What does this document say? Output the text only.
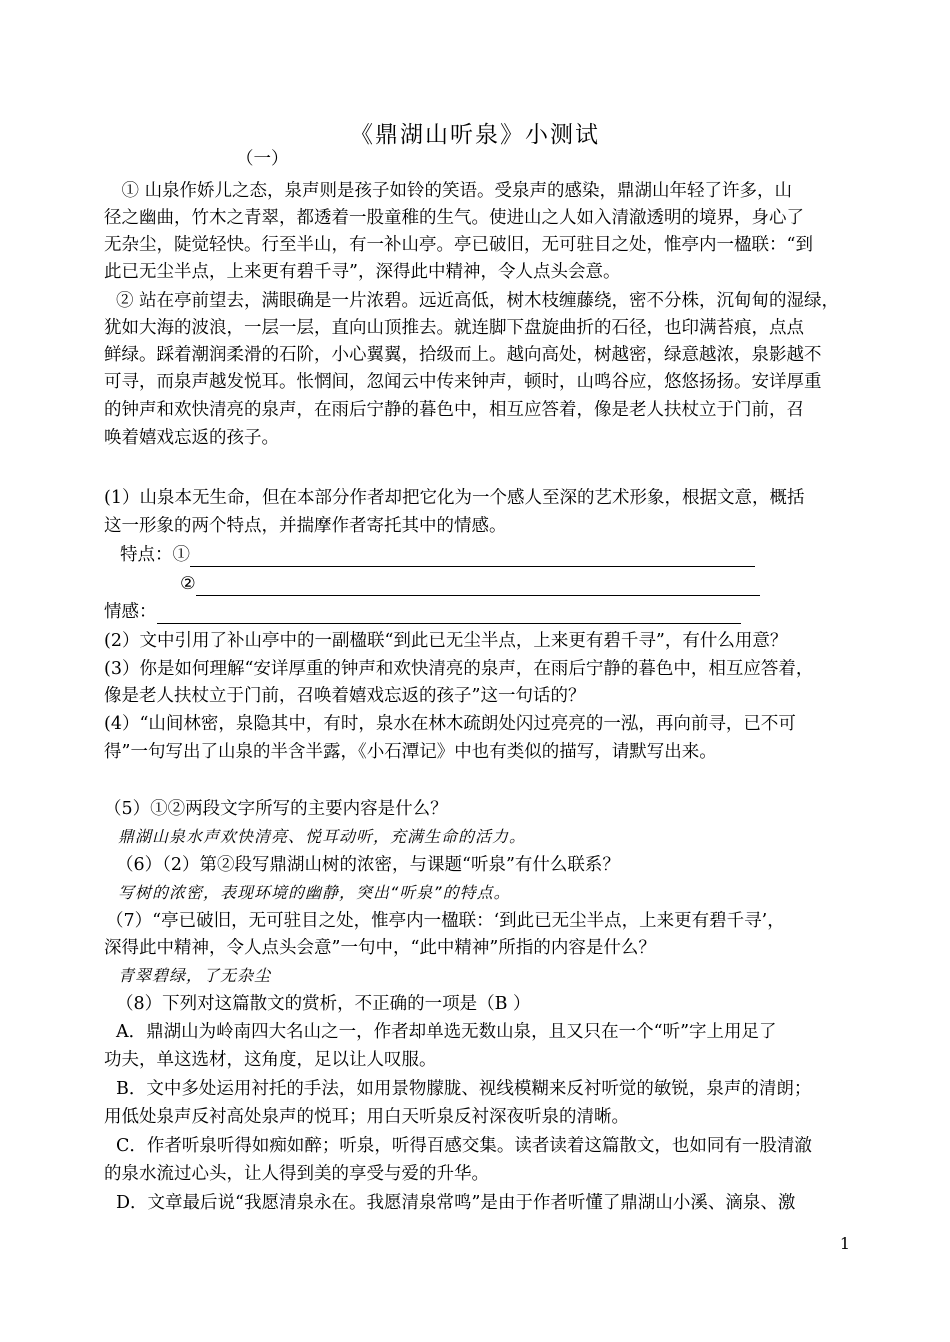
《鼎湖山听泉》小测试
（一）
　① 山泉作娇儿之态，泉声则是孩子如铃的笑语。受泉声的感染，鼎湖山年轻了许多，山
径之幽曲，竹木之青翠，都透着一股童稚的生气。使进山之人如入清澈透明的境界，身心了
无杂尘，陡觉轻快。行至半山，有一补山亭。亭已破旧，无可驻目之处，惟亭内一楹联：“到
此已无尘半点，上来更有碧千寻”，深得此中精神，令人点头会意。
② 站在亭前望去，满眼确是一片浓碧。远近高低，树木枝缠藤绕，密不分株，沉甸甸的湿绿，
犹如大海的波浪，一层一层，直向山顶推去。就连脚下盘旋曲折的石径，也印满苔痕，点点
鲜绿。踩着潮润柔滑的石阶，小心翼翼，拾级而上。越向高处，树越密，绿意越浓，泉影越不
可寻，而泉声越发悦耳。怅惘间，忽闻云中传来钟声，顿时，山鸣谷应，悠悠扬扬。安详厚重
的钟声和欢快清亮的泉声，在雨后宁静的暮色中，相互应答着，像是老人扶杖立于门前，召
唤着嬉戏忘返的孩子。
(1）山泉本无生命，但在本部分作者却把它化为一个感人至深的艺术形象，根据文意，概括
这一形象的两个特点，并揣摩作者寄托其中的情感。
特点：①
②
情感：
(2）文中引用了补山亭中的一副楹联“到此已无尘半点，上来更有碧千寻”，有什么用意？
(3）你是如何理解“安详厚重的钟声和欢快清亮的泉声，在雨后宁静的暮色中，相互应答着，
像是老人扶杖立于门前，召唤着嬉戏忘返的孩子”这一句话的？
(4）“山间林密，泉隐其中，有时，泉水在林木疏朗处闪过亮亮的一泓，再向前寻，已不可
得”一句写出了山泉的半含半露，《小石潭记》中也有类似的描写，请默写出来。
（5）①②两段文字所写的主要内容是什么？
鼎湖山泉水声欢快清亮、悦耳动听，充满生命的活力。
（6）（2）第②段写鼎湖山树的浓密，与课题“听泉”有什么联系？
写树的浓密，表现环境的幽静，突出“听泉”的特点。
（7）“亭已破旧，无可驻目之处，惟亭内一楹联：‘到此已无尘半点，上来更有碧千寻’，
深得此中精神，令人点头会意”一句中，“此中精神”所指的内容是什么？
青翠碧绿，了无杂尘
（8）下列对这篇散文的赏析，不正确的一项是（B ）
A．鼎湖山为岭南四大名山之一，作者却单选无数山泉，且又只在一个“听”字上用足了
功夫，单这选材，这角度，足以让人叹服。
B．文中多处运用衬托的手法，如用景物朦胧、视线模糊来反衬听觉的敏锐，泉声的清朗；
用低处泉声反衬高处泉声的悦耳；用白天听泉反衬深夜听泉的清晰。
C．作者听泉听得如痴如醉；听泉，听得百感交集。读者读着这篇散文，也如同有一股清澈
的泉水流过心头，让人得到美的享受与爱的升华。
D．文章最后说“我愿清泉永在。我愿清泉常鸣”是由于作者听懂了鼎湖山小溪、滴泉、激
1
